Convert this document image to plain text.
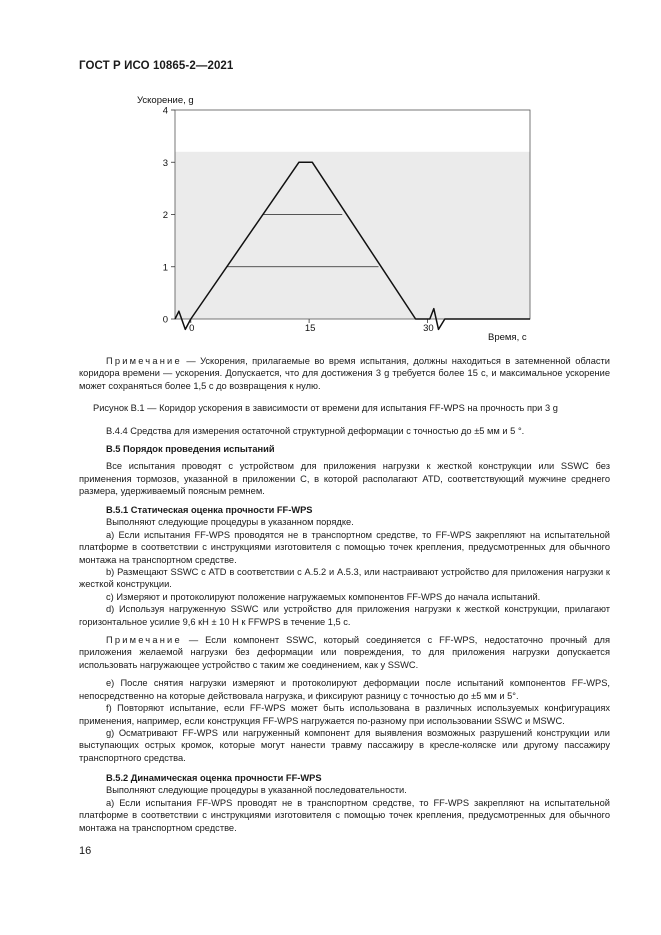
ГОСТ Р ИСО 10865-2—2021
4
3
2
1
0
0	15	30
Ускорение, g
Время, с

Примечание — Ускорения, прилагаемые во время испытания, должны находиться в затемненной области коридора времени — ускорения. Допускается, что для достижения 3 g требуется более 15 с, и максимальное ускорение может сохраняться более 1,5 с до возвращения к нулю.

Рисунок В.1 — Коридор ускорения в зависимости от времени для испытания FF-WPS на прочность при 3 g

В.4.4 Средства для измерения остаточной структурной деформации с точностью до ±5 мм и 5 °.

В.5 Порядок проведения испытаний

Все испытания проводят с устройством для приложения нагрузки к жесткой конструкции или SSWC без применения тормозов, указанной в приложении С, в которой располагают ATD, соответствующий мужчине среднего размера, удерживаемый поясным ремнем.

В.5.1 Статическая оценка прочности FF-WPS

Выполняют следующие процедуры в указанном порядке.

а) Если испытания FF-WPS проводятся не в транспортном средстве, то FF-WPS закрепляют на испытательной платформе в соответствии с инструкциями изготовителя с помощью точек крепления, предусмотренных для обычного монтажа на транспортном средстве.

b) Размещают SSWC с ATD в соответствии с А.5.2 и А.5.3, или настраивают устройство для приложения нагрузки к жесткой конструкции.

c) Измеряют и протоколируют положение нагружаемых компонентов FF-WPS до начала испытаний.

d) Используя нагруженную SSWC или устройство для приложения нагрузки к жесткой конструкции, прилагают горизонтальное усилие 9,6 кН ± 10 Н к FFWPS в течение 1,5 с.

Примечание — Если компонент SSWC, который соединяется с FF-WPS, недостаточно прочный для приложения желаемой нагрузки без деформации или повреждения, то для приложения нагрузки допускается использовать нагружающее устройство с таким же соединением, как у SSWC.

e) После снятия нагрузки измеряют и протоколируют деформации после испытаний компонентов FF-WPS, непосредственно на которые действовала нагрузка, и фиксируют разницу с точностью до ±5 мм и 5°.

f) Повторяют испытание, если FF-WPS может быть использована в различных используемых конфигурациях применения, например, если конструкция FF-WPS нагружается по-разному при использовании SSWC и MSWC.

g) Осматривают FF-WPS или нагруженный компонент для выявления возможных разрушений конструкции или выступающих острых кромок, которые могут нанести травму пассажиру в кресле-коляске или другому пассажиру транспортного средства.

В.5.2 Динамическая оценка прочности FF-WPS

Выполняют следующие процедуры в указанной последовательности.

а) Если испытания FF-WPS проводят не в транспортном средстве, то FF-WPS закрепляют на испытательной платформе в соответствии с инструкциями изготовителя с помощью точек крепления, предусмотренных для обычного монтажа на транспортном средстве.

16
